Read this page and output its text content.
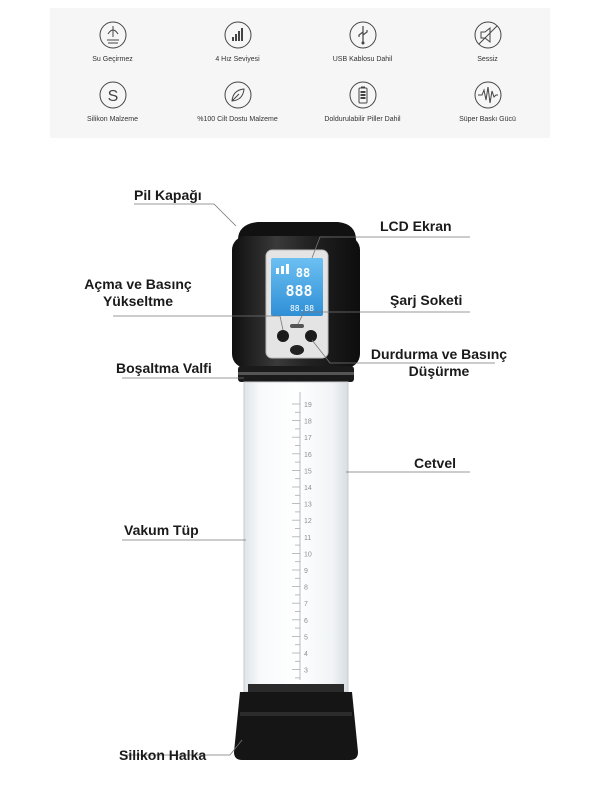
Su Geçirmez	4 Hız Seviyesi	USB Kablosu Dahil	Sessiz
S
Silikon Malzeme	%100 Cilt Dostu Malzeme	Doldurulabilir Piller Dahil	Süper Baskı Gücü
88
888
88.88
19
18
17
16
15
14
13
12
11
10
9
8
7
6
5
4
3
Pil Kapağı
LCD Ekran
Açma ve Basınç
Yükseltme	Şarj Soketi
Durdurma ve Basınç
Düşürme
Boşaltma Valfi
Cetvel
Vakum Tüp
Silikon Halka
